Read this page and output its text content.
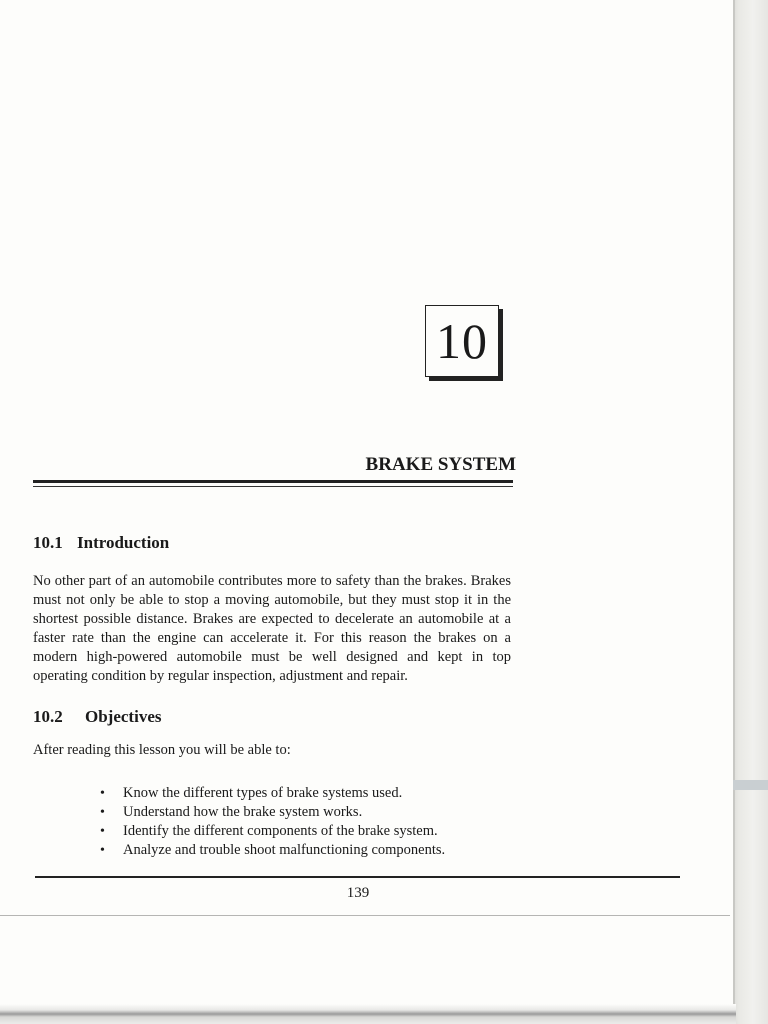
10
BRAKE SYSTEM
10.1 Introduction
No other part of an automobile contributes more to safety than the brakes. Brakes must not only be able to stop a moving automobile, but they must stop it in the shortest possible distance. Brakes are expected to decelerate an automobile at a faster rate than the engine can accelerate it. For this reason the brakes on a modern high-powered automobile must be well designed and kept in top operating condition by regular inspection, adjustment and repair.
10.2 Objectives
After reading this lesson you will be able to:
•	Know the different types of brake systems used.
•	Understand how the brake system works.
•	Identify the different components of the brake system.
•	Analyze and trouble shoot malfunctioning components.
139
